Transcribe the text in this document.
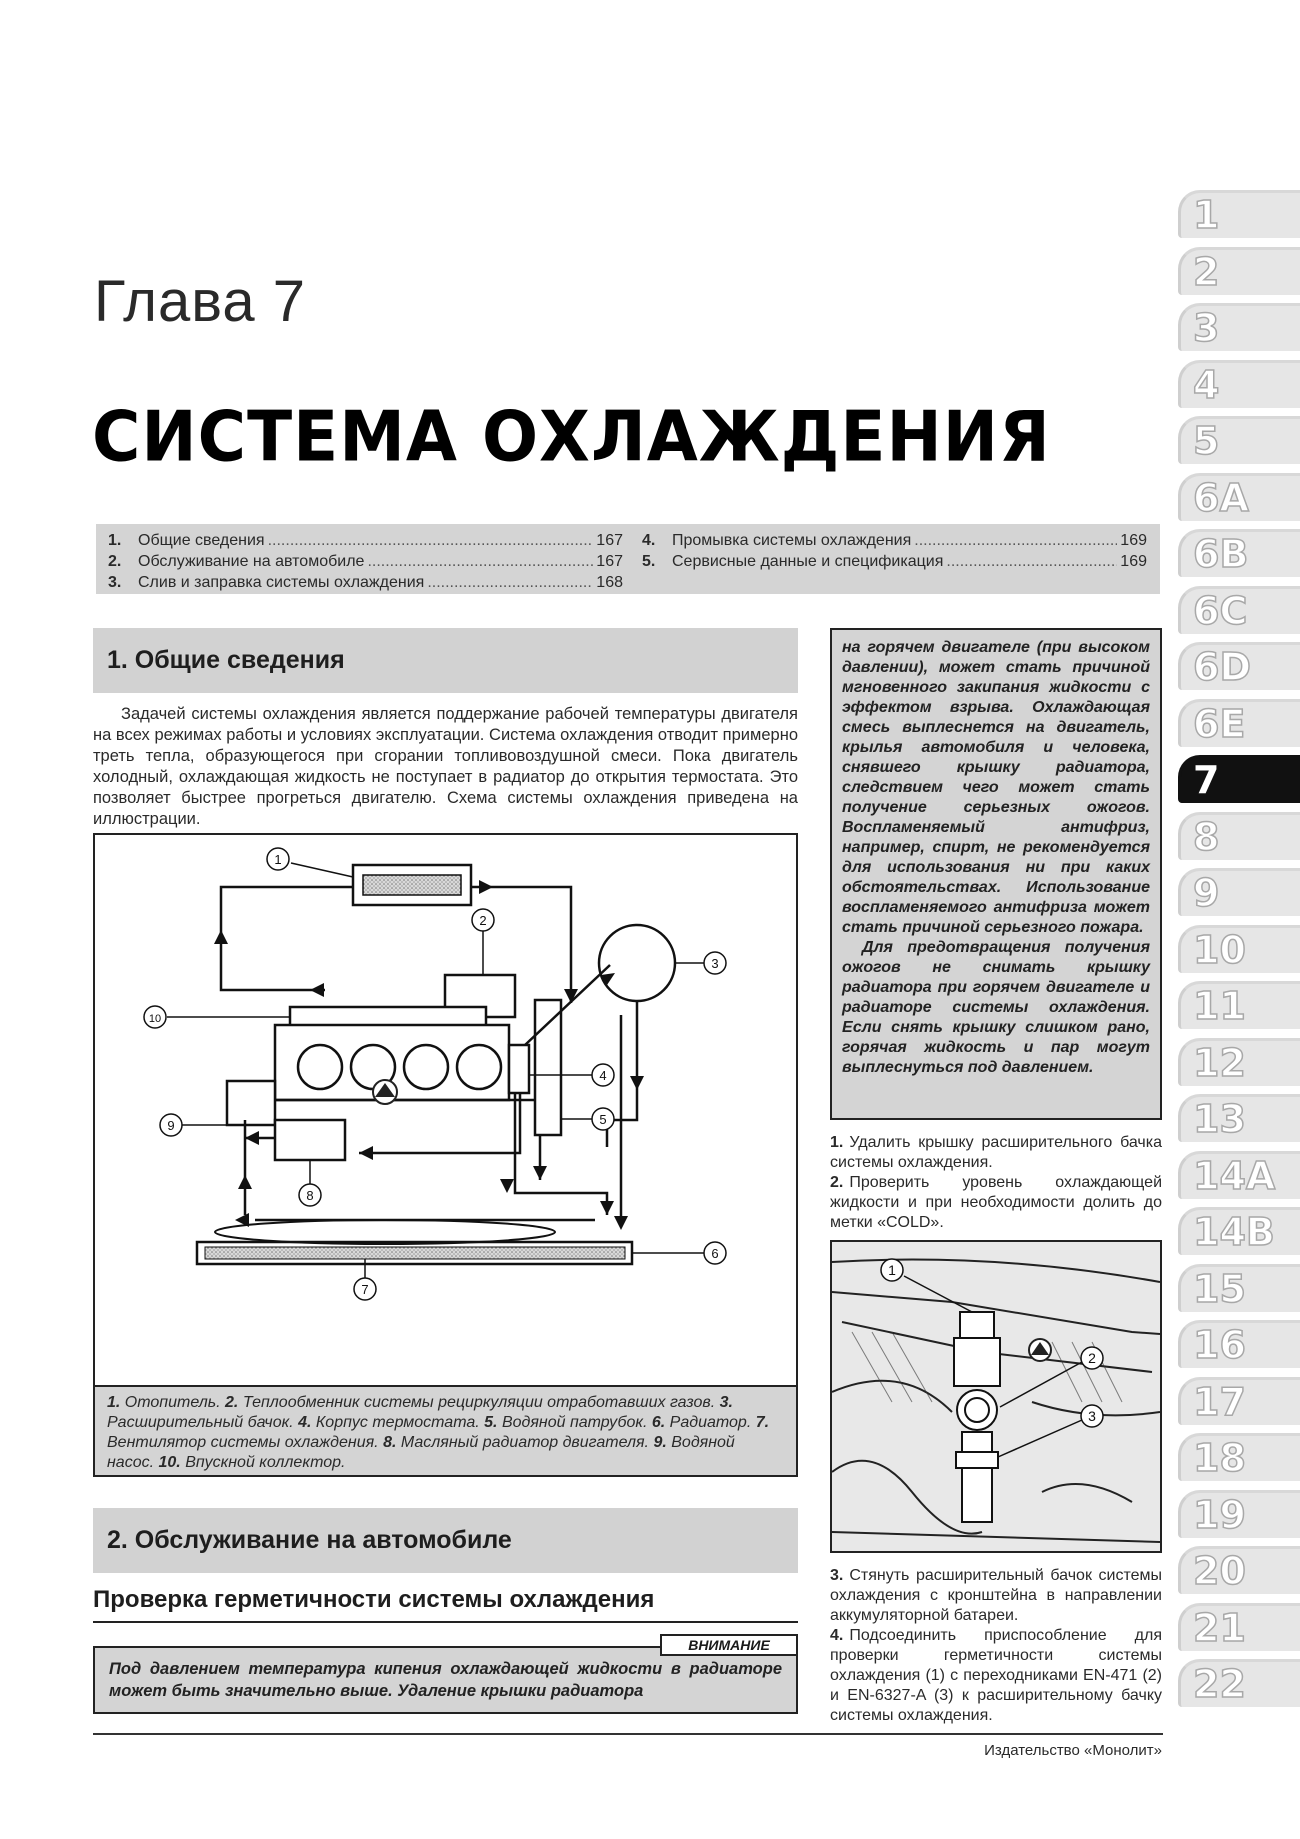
Глава 7
СИСТЕМА ОХЛАЖДЕНИЯ
1.	Общие сведения .....	167
2.	Обслуживание на автомобиле .....	167
3.	Слив и заправка системы охлаждения .....	168
4.	Промывка системы охлаждения .....	169
5.	Сервисные данные и спецификация .....	169
1. Общие сведения
Задачей системы охлаждения является поддержание рабочей температуры двигателя на всех режимах работы и условиях эксплуатации. Система охлаждения отводит примерно треть тепла, образующегося при сгорании топливовоздушной смеси. Пока двигатель холодный, охлаждающая жидкость не поступает в радиатор до открытия термостата. Это позволяет быстрее прогреться двигателю. Схема системы охлаждения приведена на иллюстрации.
1
2
3
4
5
6
7
8
9
10
1. Отопитель. 2. Теплообменник системы рециркуляции отработавших газов. 3. Расширительный бачок. 4. Корпус термостата. 5. Водяной патрубок. 6. Радиатор. 7. Вентилятор системы охлаждения. 8. Масляный радиатор двигателя. 9. Водяной насос. 10. Впускной коллектор.
2. Обслуживание на автомобиле
Проверка герметичности системы охлаждения
Под давлением температура кипения охлаждающей жидкости в радиаторе может быть значительно выше. Удаление крышки радиатора
ВНИМАНИЕ

на горячем двигателе (при высоком давлении), может стать причиной мгновенного закипания жидкости с эффектом взрыва. Охлаждающая смесь выплеснется на двигатель, крылья автомобиля и человека, снявшего крышку радиатора, следствием чего может стать получение серьезных ожогов. Воспламеняемый антифриз, например, спирт, не рекомендуется для использования ни при каких обстоятельствах. Использование воспламеняемого антифриза может стать причиной серьезного пожара.

Для предотвращения получения ожогов не снимать крышку радиатора при горячем двигателе и радиаторе системы охлаждения. Если снять крышку слишком рано, горячая жидкость и пар могут выплеснуться под давлением.

1. Удалить крышку расширительного бачка системы охлаждения.

2. Проверить уровень охлаждающей жидкости и при необходимости долить до метки «COLD».

1
2
3

3. Стянуть расширительный бачок системы охлаждения с кронштейна в направлении аккумуляторной батареи.

4. Подсоединить приспособление для проверки герметичности системы охлаждения (1) с переходниками EN-471 (2) и EN-6327-A (3) к расширительному бачку системы охлаждения.

Издательство «Монолит»
1
2
3
4
5
6A
6B
6C
6D
6E
7
8
9
10
11
12
13
14A
14B
15
16
17
18
19
20
21
22
